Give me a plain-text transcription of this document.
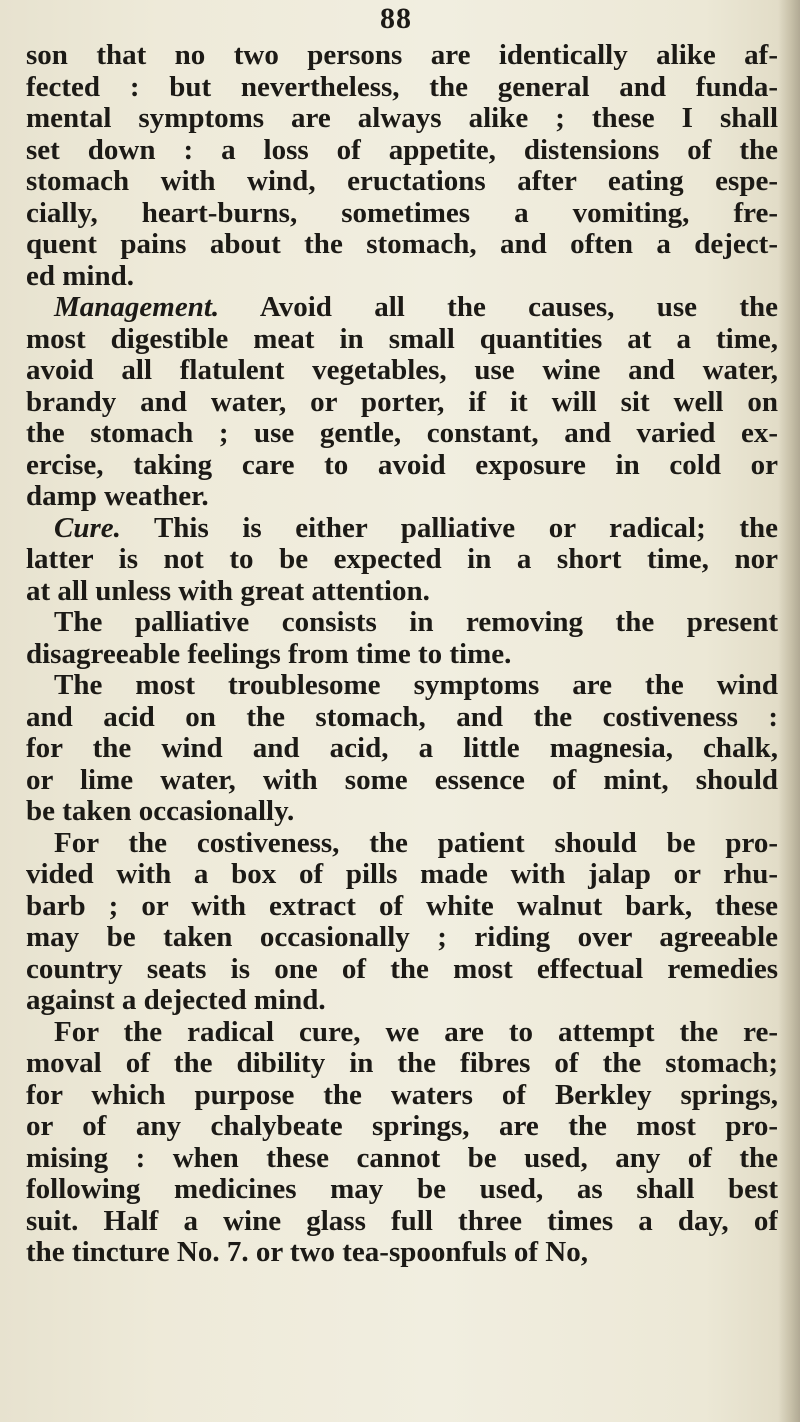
88
son that no two persons are identically alike af-
fected : but nevertheless, the general and funda-
mental symptoms are always alike ; these I shall
set down : a loss of appetite, distensions of the
stomach with wind, eructations after eating espe-
cially, heart-burns, sometimes a vomiting, fre-
quent pains about the stomach, and often a deject-
ed mind.
Management. Avoid all the causes, use the
most digestible meat in small quantities at a time,
avoid all flatulent vegetables, use wine and water,
brandy and water, or porter, if it will sit well on
the stomach ; use gentle, constant, and varied ex-
ercise, taking care to avoid exposure in cold or
damp weather.
Cure. This is either palliative or radical; the
latter is not to be expected in a short time, nor
at all unless with great attention.
The palliative consists in removing the present
disagreeable feelings from time to time.
The most troublesome symptoms are the wind
and acid on the stomach, and the costiveness :
for the wind and acid, a little magnesia, chalk,
or lime water, with some essence of mint, should
be taken occasionally.
For the costiveness, the patient should be pro-
vided with a box of pills made with jalap or rhu-
barb ; or with extract of white walnut bark, these
may be taken occasionally ; riding over agreeable
country seats is one of the most effectual remedies
against a dejected mind.
For the radical cure, we are to attempt the re-
moval of the dibility in the fibres of the stomach;
for which purpose the waters of Berkley springs,
or of any chalybeate springs, are the most pro-
mising : when these cannot be used, any of the
following medicines may be used, as shall best
suit. Half a wine glass full three times a day, of
the tincture No. 7. or two tea-spoonfuls of No,
